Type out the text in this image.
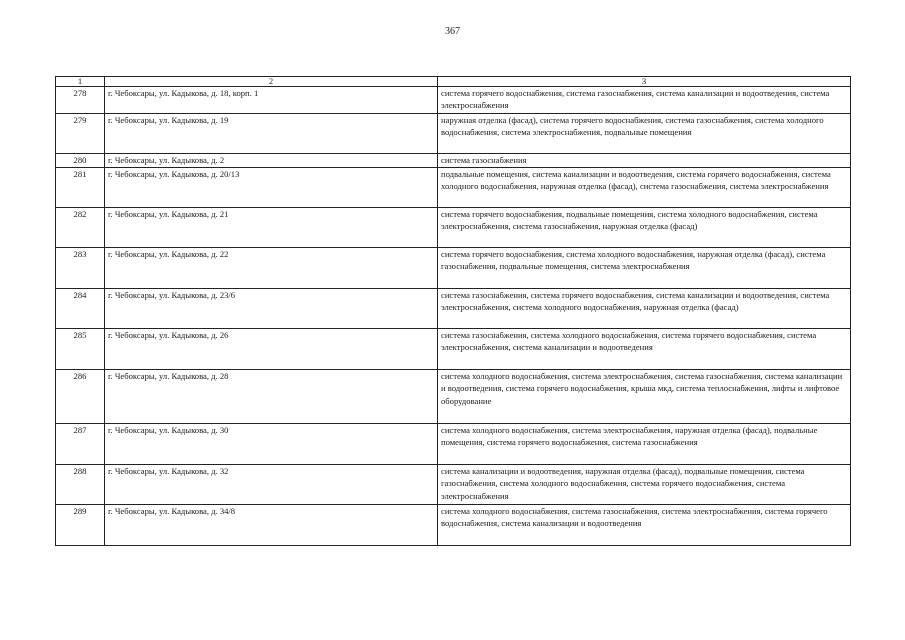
367
1	2	3
278	г. Чебоксары, ул. Кадыкова, д. 18, корп. 1	система горячего водоснабжения, система газоснабжения, система канализации и водоотведения, система электроснабжения
279	г. Чебоксары, ул. Кадыкова, д. 19	наружная отделка (фасад), система горячего водоснабжения, система газоснабжения, система холодного водоснабжения, система электроснабжения, подвальные помещения
280	г. Чебоксары, ул. Кадыкова, д. 2	система газоснабжения
281	г. Чебоксары, ул. Кадыкова, д. 20/13	подвальные помещения, система канализации и водоотведения, система горячего водоснабжения, система холодного водоснабжения, наружная отделка (фасад), система газоснабжения, система электроснабжения
282	г. Чебоксары, ул. Кадыкова, д. 21	система горячего водоснабжения, подвальные помещения, система холодного водоснабжения, система электроснабжения, система газоснабжения, наружная отделка (фасад)
283	г. Чебоксары, ул. Кадыкова, д. 22	система горячего водоснабжения, система холодного водоснабжения, наружная отделка (фасад), система газоснабжения, подвальные помещения, система электроснабжения
284	г. Чебоксары, ул. Кадыкова, д. 23/6	система газоснабжения, система горячего водоснабжения, система канализации и водоотведения, система электроснабжения, система холодного водоснабжения, наружная отделка (фасад)
285	г. Чебоксары, ул. Кадыкова, д. 26	система газоснабжения, система холодного водоснабжения, система горячего водоснабжения, система электроснабжения, система канализации и водоотведения
286	г. Чебоксары, ул. Кадыкова, д. 28	система холодного водоснабжения, система электроснабжения, система газоснабжения, система канализации и водоотведения, система горячего водоснабжения, крыша мкд, система теплоснабжения, лифты и лифтовое оборудование
287	г. Чебоксары, ул. Кадыкова, д. 30	система холодного водоснабжения, система электроснабжения, наружная отделка (фасад), подвальные помещения, система горячего водоснабжения, система газоснабжения
288	г. Чебоксары, ул. Кадыкова, д. 32	система канализации и водоотведения, наружная отделка (фасад), подвальные помещения, система газоснабжения, система холодного водоснабжения, система горячего водоснабжения, система электроснабжения
289	г. Чебоксары, ул. Кадыкова, д. 34/8	система холодного водоснабжения, система газоснабжения, система электроснабжения, система горячего водоснабжения, система канализации и водоотведения
